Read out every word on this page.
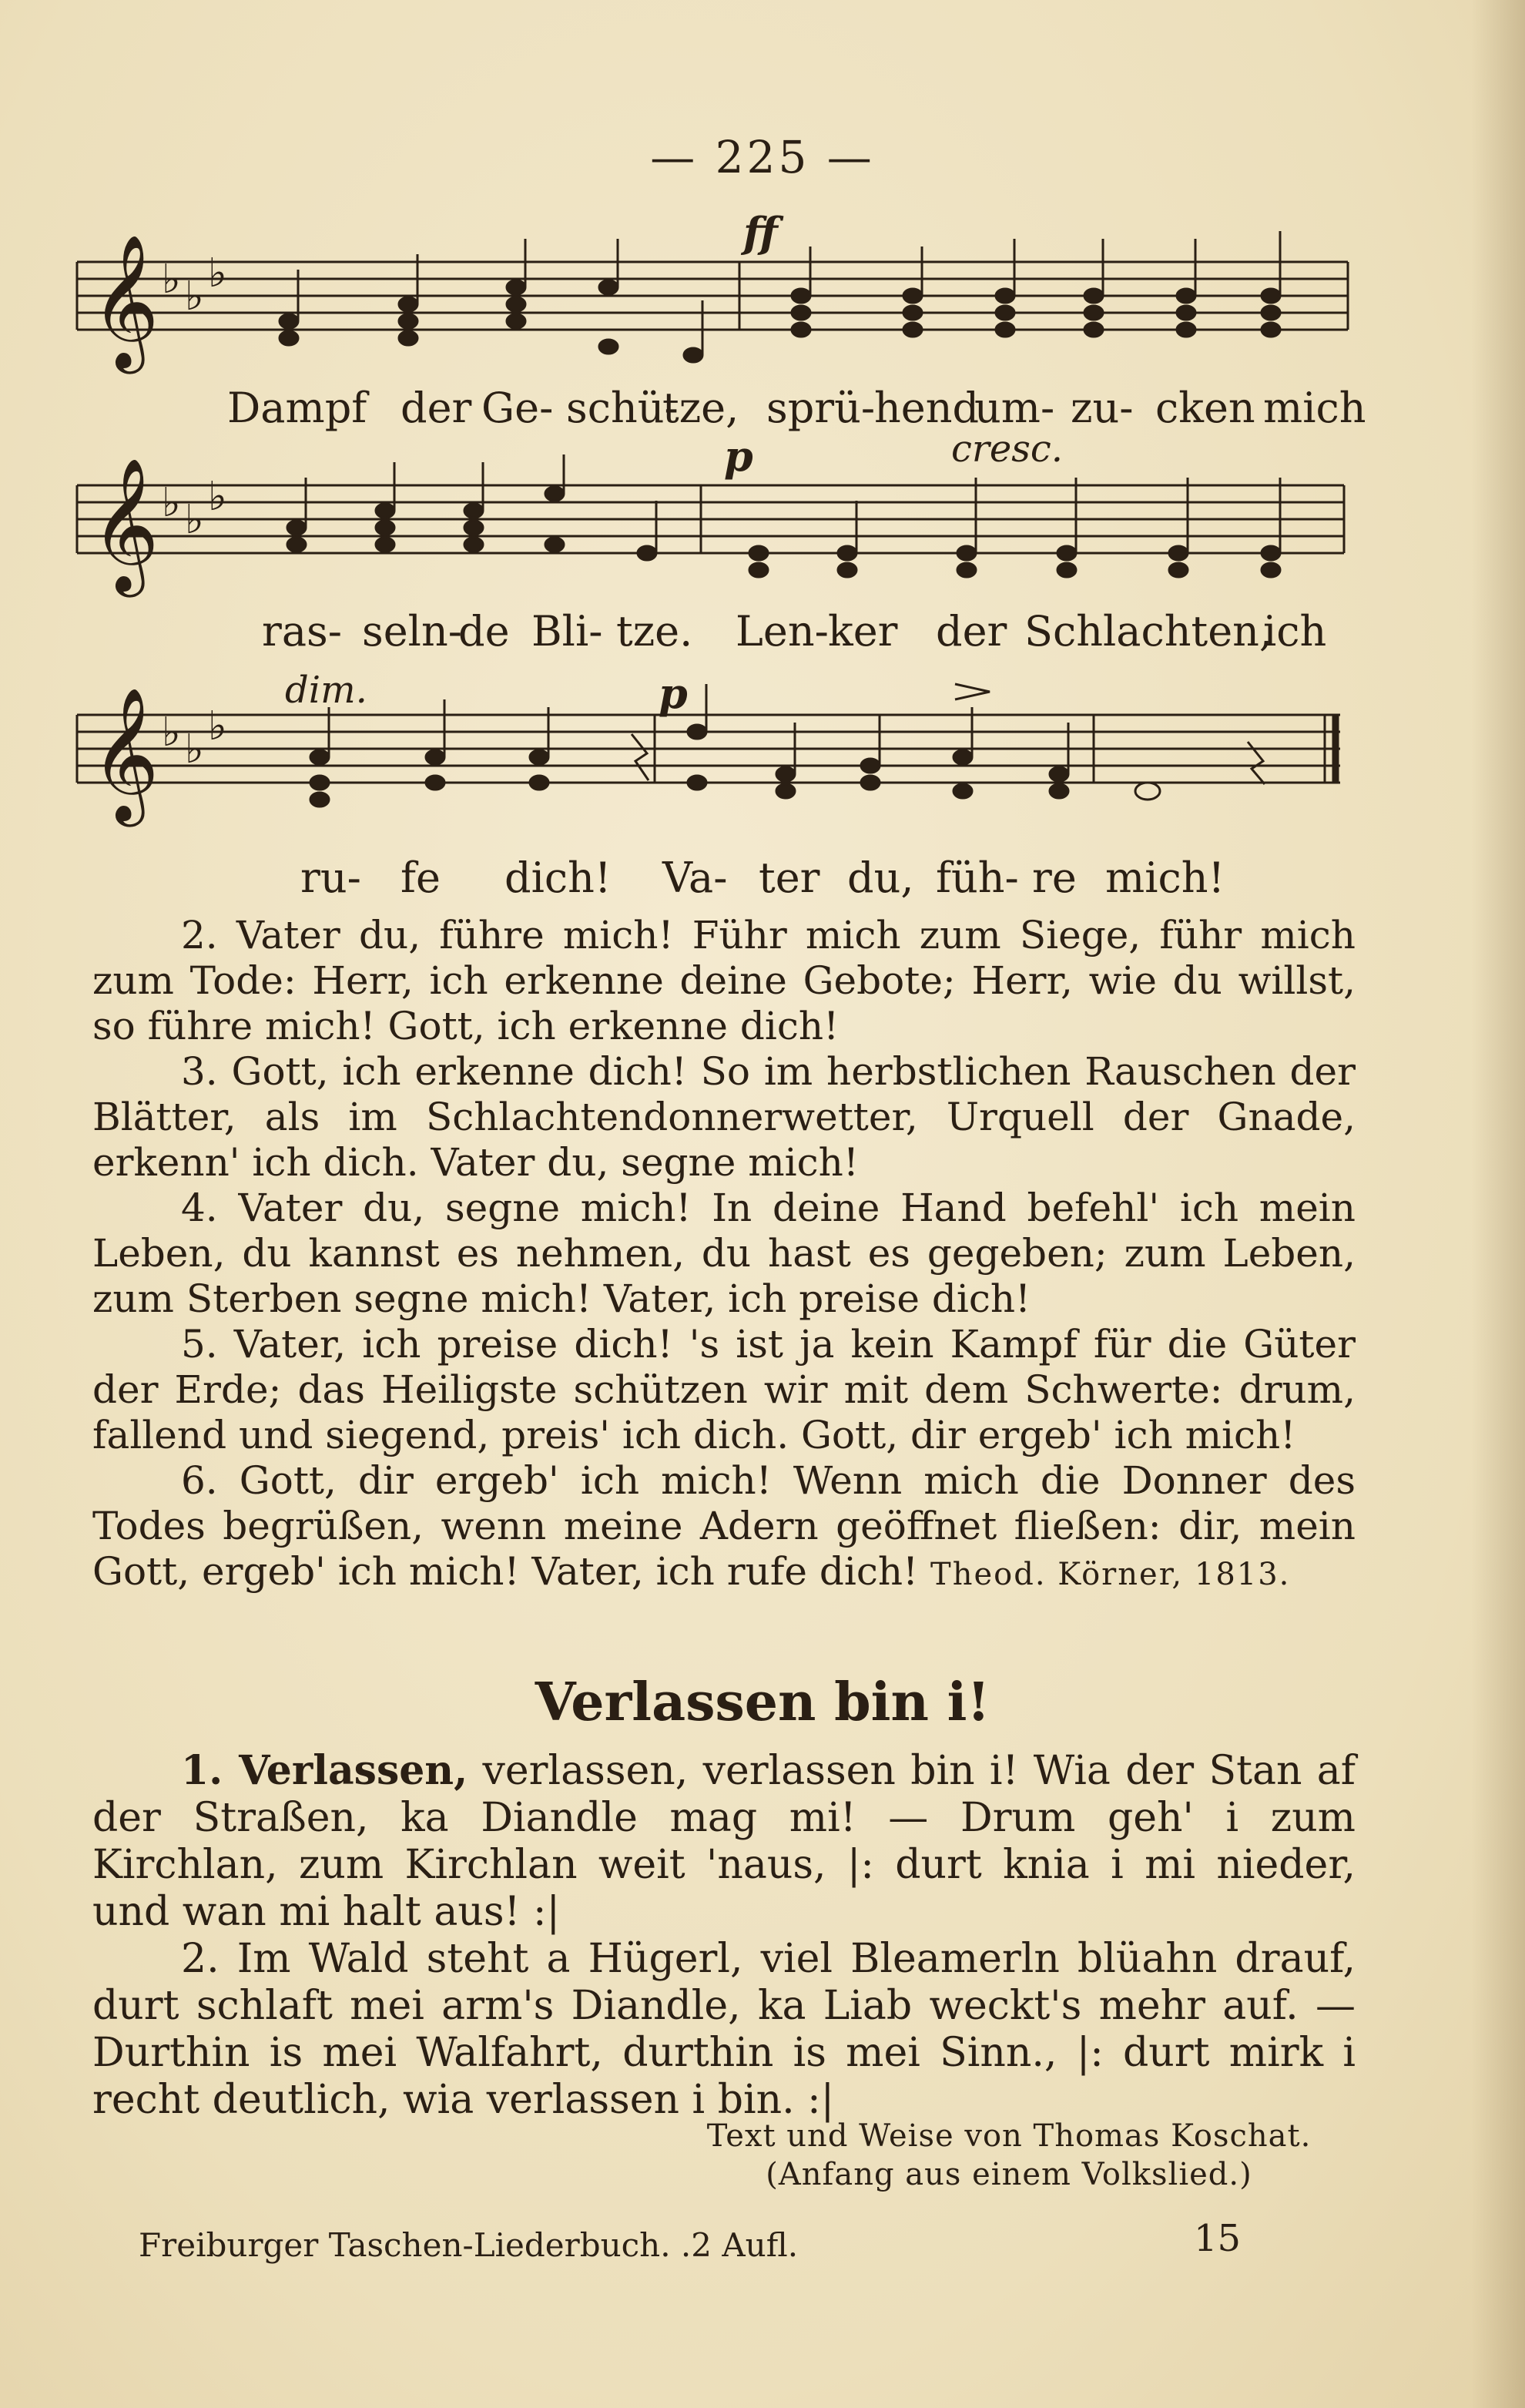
— 225 —
𝄞 ♭ ♭ ♭
ff
Dampf der Ge- schü-
tze, sprü-
hend
um- zu- cken mich
𝄞 ♭ ♭ ♭
p	cresc.
ras- seln-
de Bli- tze. Len- ker der Schlachten,
ich
𝄞 ♭ ♭ ♭
dim.	p
ru- fe dich! Va- ter du, füh- re mich!

2. Vater du, führe mich! Führ mich zum Siege, führ mich zum Tode: Herr, ich erkenne deine Gebote; Herr, wie du willst, so führe mich! Gott, ich erkenne dich!

3. Gott, ich erkenne dich! So im herbstlichen Rauschen der Blätter, als im Schlachtendonnerwetter, Urquell der Gnade, erkenn' ich dich. Vater du, segne mich!

4. Vater du, segne mich! In deine Hand befehl' ich mein Leben, du kannst es nehmen, du hast es gegeben; zum Leben, zum Sterben segne mich! Vater, ich preise dich!

5. Vater, ich preise dich! 's ist ja kein Kampf für die Güter der Erde; das Heiligste schützen wir mit dem Schwerte: drum, fallend und siegend, preis' ich dich. Gott, dir ergeb' ich mich!

6. Gott, dir ergeb' ich mich! Wenn mich die Donner des Todes begrüßen, wenn meine Adern geöffnet fließen: dir, mein Gott, ergeb' ich mich! Vater, ich rufe dich! Theod. Körner, 1813.

Verlassen bin i!

1. Verlassen, verlassen, verlassen bin i! Wia der Stan af der Straßen, ka Diandle mag mi! — Drum geh' i zum Kirchlan, zum Kirchlan weit 'naus, |: durt knia i mi nieder, und wan mi halt aus! :|

2. Im Wald steht a Hügerl, viel Bleamerln blüahn drauf, durt schlaft mei arm's Diandle, ka Liab weckt's mehr auf. — Durthin is mei Walfahrt, durthin is mei Sinn., |: durt mirk i recht deutlich, wia verlassen i bin. :|

Text und Weise von Thomas Koschat.
(Anfang aus einem Volkslied.)
Freiburger Taschen-Liederbuch. .2 Aufl.	15
